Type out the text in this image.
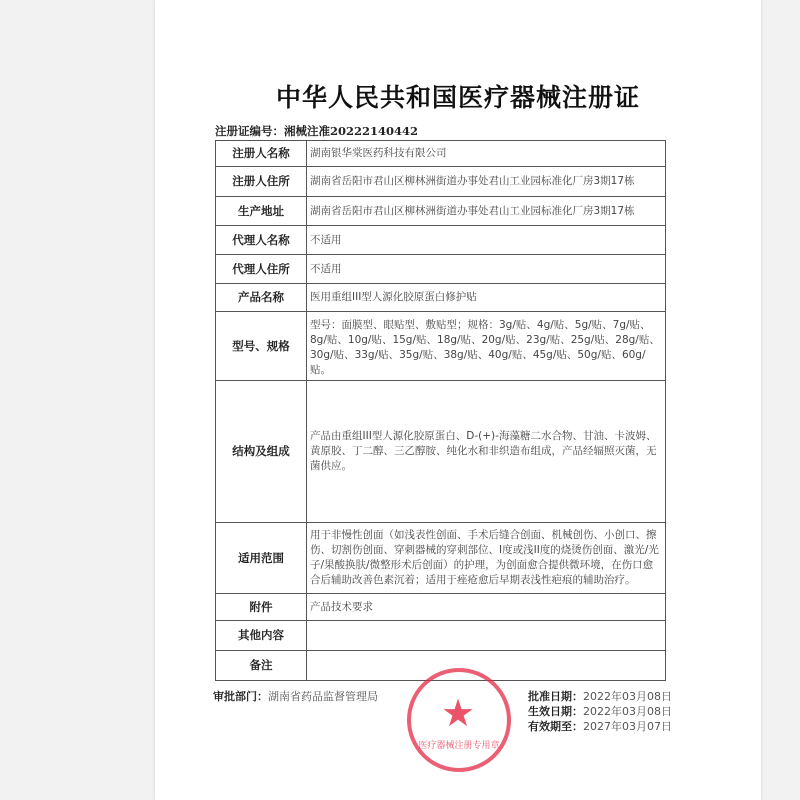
中华人民共和国医疗器械注册证
注册证编号：湘械注准20222140442
注册人名称	湖南银华棠医药科技有限公司
注册人住所	湖南省岳阳市君山区柳林洲街道办事处君山工业园标准化厂房3期17栋
生产地址	湖南省岳阳市君山区柳林洲街道办事处君山工业园标准化厂房3期17栋
代理人名称	不适用
代理人住所	不适用
产品名称	医用重组III型人源化胶原蛋白修护贴
型号、规格	型号：面膜型、眼贴型、敷贴型；规格：3g/贴、4g/贴、5g/贴、7g/贴、8g/贴、10g/贴、15g/贴、18g/贴、20g/贴、23g/贴、25g/贴、28g/贴、30g/贴、33g/贴、35g/贴、38g/贴、40g/贴、45g/贴、50g/贴、60g/贴。
结构及组成	产品由重组III型人源化胶原蛋白、D-(+)-海藻糖二水合物、甘油、卡波姆、黄原胶、丁二醇、三乙醇胺、纯化水和非织造布组成，产品经辐照灭菌，无菌供应。
适用范围	用于非慢性创面（如浅表性创面、手术后缝合创面、机械创伤、小创口、擦伤、切割伤创面、穿刺器械的穿刺部位、I度或浅II度的烧烫伤创面、激光/光子/果酸换肤/微整形术后创面）的护理，为创面愈合提供微环境，在伤口愈合后辅助改善色素沉着；适用于痤疮愈后早期表浅性疤痕的辅助治疗。
附件	产品技术要求
其他内容	
备注	
★
医疗器械注册专用章
审批部门：湖南省药品监督管理局	批准日期：2022年03月08日
生效日期：2022年03月08日
有效期至：2027年03月07日
